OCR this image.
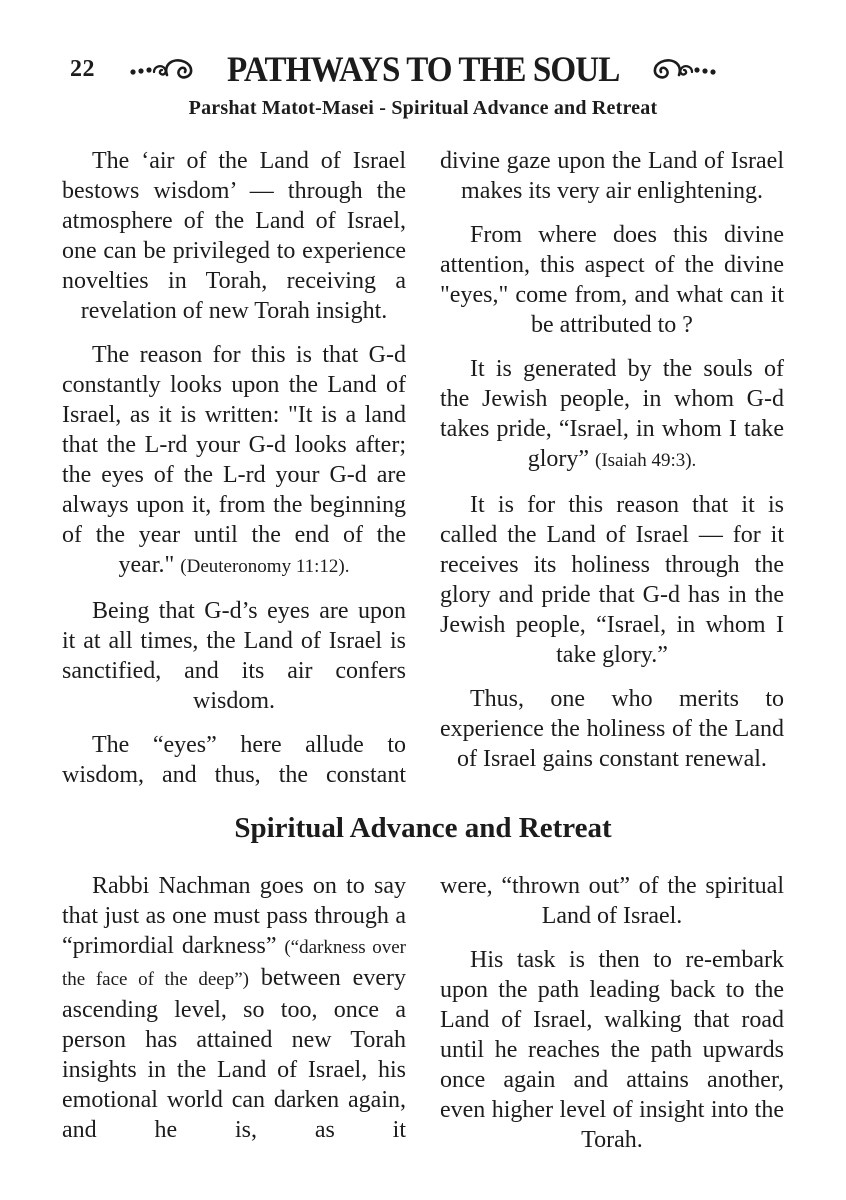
22	PATHWAYS TO THE SOUL
Parshat Matot-Masei - Spiritual Advance and Retreat

The ‘air of the Land of Israel bestows wisdom’ — through the atmosphere of the Land of Israel, one can be privileged to experience novelties in Torah, receiving a revelation of new Torah insight.

The reason for this is that G-d constantly looks upon the Land of Israel, as it is written: "It is a land that the L-rd your G-d looks after; the eyes of the L-rd your G-d are always upon it, from the beginning of the year until the end of the year." (Deuteronomy 11:12).

Being that G-d’s eyes are upon it at all times, the Land of Israel is sanctified, and its air confers wisdom.

The “eyes” here allude to wisdom, and thus, the constant

divine gaze upon the Land of Israel makes its very air enlightening.

From where does this divine attention, this aspect of the divine "eyes," come from, and what can it be attributed to ?

It is generated by the souls of the Jewish people, in whom G-d takes pride, “Israel, in whom I take glory” (Isaiah 49:3).

It is for this reason that it is called the Land of Israel — for it receives its holiness through the glory and pride that G-d has in the Jewish people, “Israel, in whom I take glory.”

Thus, one who merits to experience the holiness of the Land of Israel gains constant renewal.

Spiritual Advance and Retreat

Rabbi Nachman goes on to say that just as one must pass through a “primordial darkness” (“darkness over the face of the deep”) between every ascending level, so too, once a person has attained new Torah insights in the Land of Israel, his emotional world can darken again, and he is, as it

were, “thrown out” of the spiritual Land of Israel.

His task is then to re-embark upon the path leading back to the Land of Israel, walking that road until he reaches the path upwards once again and attains another, even higher level of insight into the Torah.
